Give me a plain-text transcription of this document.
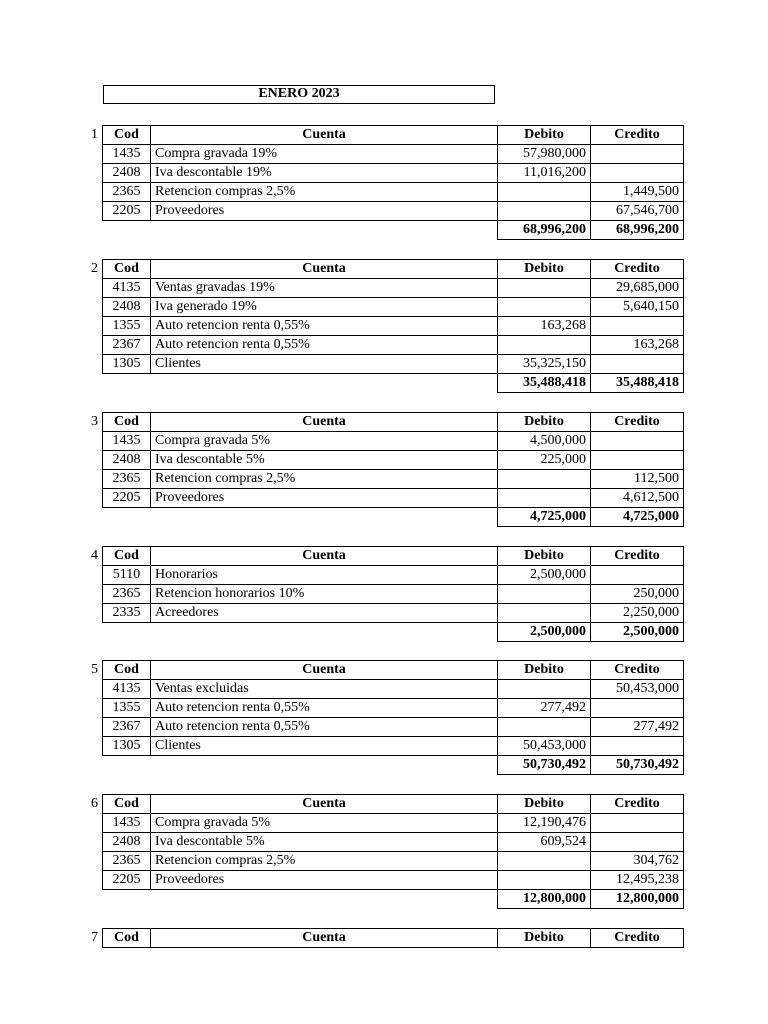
ENERO 2023
1 Cod	Cuenta	Debito	Credito
1435	Compra gravada 19%	57,980,000	
2408	Iva descontable 19%	11,016,200	
2365	Retencion compras 2,5%		1,449,500
2205	Proveedores		67,546,700
		68,996,200	68,996,200
2 Cod	Cuenta	Debito	Credito
4135	Ventas gravadas 19%		29,685,000
2408	Iva generado 19%		5,640,150
1355	Auto retencion renta 0,55%	163,268	
2367	Auto retencion renta 0,55%		163,268
1305	Clientes	35,325,150	
		35,488,418	35,488,418
3 Cod	Cuenta	Debito	Credito
1435	Compra gravada 5%	4,500,000	
2408	Iva descontable 5%	225,000	
2365	Retencion compras 2,5%		112,500
2205	Proveedores		4,612,500
		4,725,000	4,725,000
4 Cod	Cuenta	Debito	Credito
5110	Honorarios	2,500,000	
2365	Retencion honorarios 10%		250,000
2335	Acreedores		2,250,000
		2,500,000	2,500,000
5 Cod	Cuenta	Debito	Credito
4135	Ventas excluidas		50,453,000
1355	Auto retencion renta 0,55%	277,492	
2367	Auto retencion renta 0,55%		277,492
1305	Clientes	50,453,000	
		50,730,492	50,730,492
6 Cod	Cuenta	Debito	Credito
1435	Compra gravada 5%	12,190,476	
2408	Iva descontable 5%	609,524	
2365	Retencion compras 2,5%		304,762
2205	Proveedores		12,495,238
		12,800,000	12,800,000
7 Cod	Cuenta	Debito	Credito
